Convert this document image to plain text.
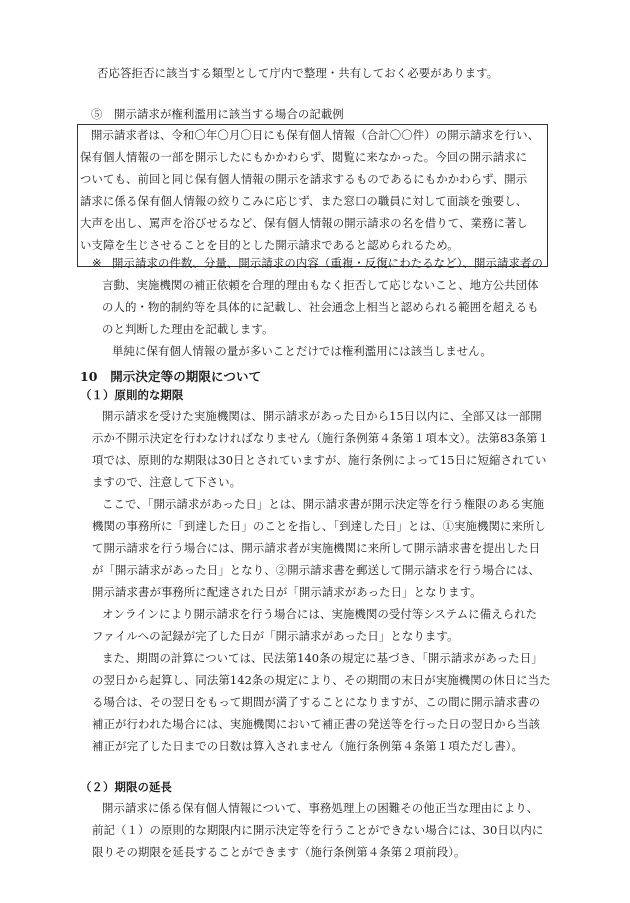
否応答拒否に該当する類型として庁内で整理・共有しておく必要があります。
⑤　開示請求が権利濫用に該当する場合の記載例
開示請求者は、令和〇年〇月〇日にも保有個人情報（合計〇〇件）の開示請求を行い、
保有個人情報の一部を開示したにもかかわらず、閲覧に来なかった。今回の開示請求に
ついても、前回と同じ保有個人情報の開示を請求するものであるにもかかわらず、開示
請求に係る保有個人情報の絞りこみに応じず、また窓口の職員に対して面談を強要し、
大声を出し、罵声を浴びせるなど、保有個人情報の開示請求の名を借りて、業務に著し
い支障を生じさせることを目的とした開示請求であると認められるため。
※ 開示請求の件数、分量、開示請求の内容（重複・反復にわたるなど）、開示請求者の
言動、実施機関の補正依頼を合理的理由もなく拒否して応じないこと、地方公共団体
の人的・物的制約等を具体的に記載し、社会通念上相当と認められる範囲を超えるも
のと判断した理由を記載します。
単純に保有個人情報の量が多いことだけでは権利濫用には該当しません。
10　開示決定等の期限について
（１）原則的な期限
開示請求を受けた実施機関は、開示請求があった日から15日以内に、全部又は一部開
示か不開示決定を行わなければなりません（施行条例第４条第１項本文）。法第83条第１
項では、原則的な期限は30日とされていますが、施行条例によって15日に短縮されてい
ますので、注意して下さい。
ここで、「開示請求があった日」とは、開示請求書が開示決定等を行う権限のある実施
機関の事務所に「到達した日」のことを指し、「到達した日」とは、①実施機関に来所し
て開示請求を行う場合には、開示請求者が実施機関に来所して開示請求書を提出した日
が「開示請求があった日」となり、②開示請求書を郵送して開示請求を行う場合には、
開示請求書が事務所に配達された日が「開示請求があった日」となります。
オンラインにより開示請求を行う場合には、実施機関の受付等システムに備えられた
ファイルへの記録が完了した日が「開示請求があった日」となります。
また、期間の計算については、民法第140条の規定に基づき、「開示請求があった日」
の翌日から起算し、同法第142条の規定により、その期間の末日が実施機関の休日に当た
る場合は、その翌日をもって期間が満了することになりますが、この間に開示請求書の
補正が行われた場合には、実施機関において補正書の発送等を行った日の翌日から当該
補正が完了した日までの日数は算入されません（施行条例第４条第１項ただし書）。
（２）期限の延長
開示請求に係る保有個人情報について、事務処理上の困難その他正当な理由により、
前記（１）の原則的な期限内に開示決定等を行うことができない場合には、30日以内に
限りその期限を延長することができます（施行条例第４条第２項前段）。
